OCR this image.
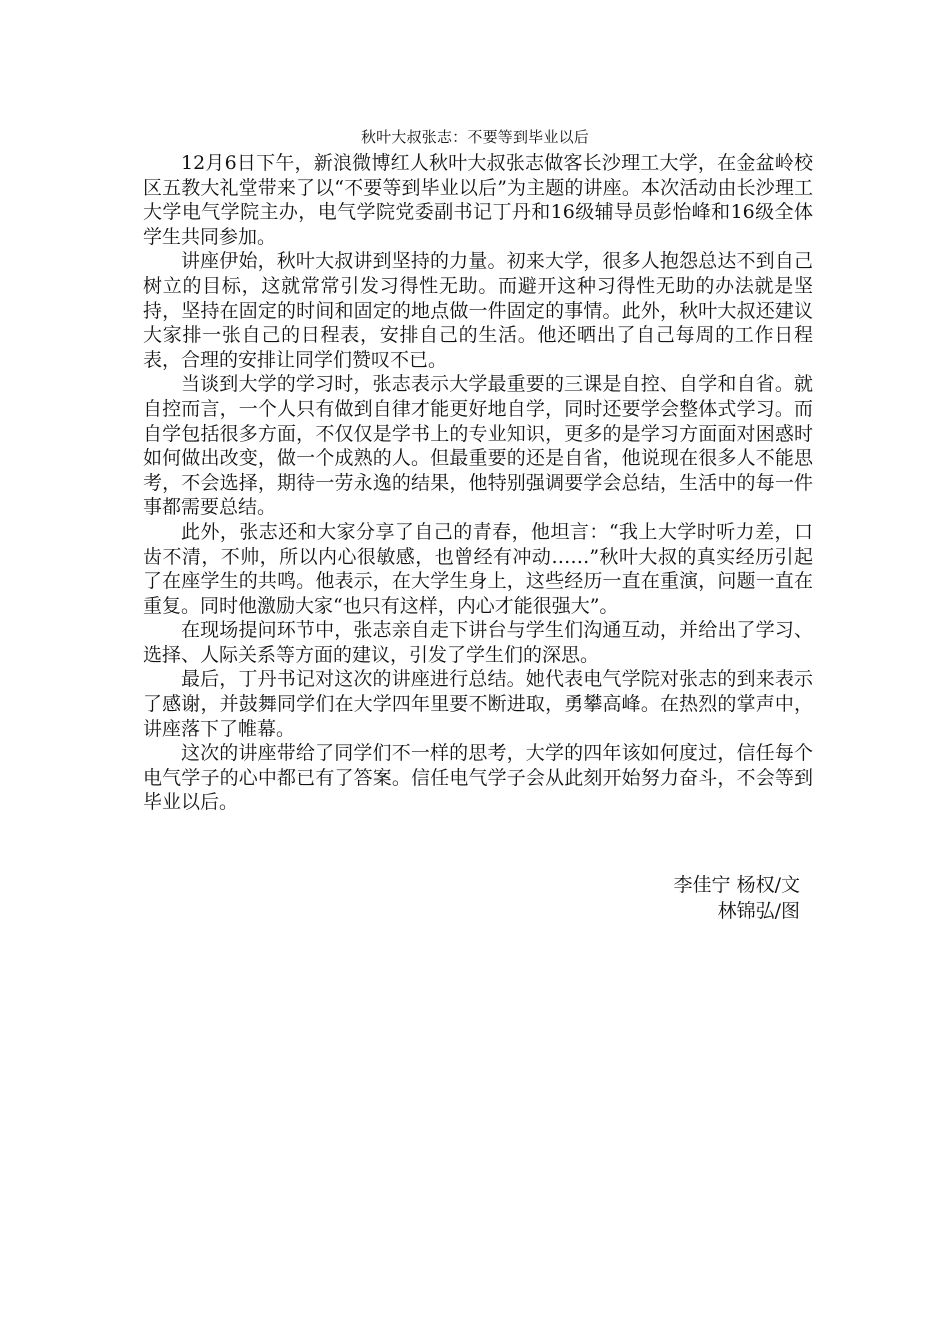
秋叶大叔张志：不要等到毕业以后

12月6日下午，新浪微博红人秋叶大叔张志做客长沙理工大学，在金盆岭校区五教大礼堂带来了以“不要等到毕业以后”为主题的讲座。本次活动由长沙理工大学电气学院主办，电气学院党委副书记丁丹和16级辅导员彭怡峰和16级全体学生共同参加。

讲座伊始，秋叶大叔讲到坚持的力量。初来大学，很多人抱怨总达不到自己树立的目标，这就常常引发习得性无助。而避开这种习得性无助的办法就是坚持，坚持在固定的时间和固定的地点做一件固定的事情。此外，秋叶大叔还建议大家排一张自己的日程表，安排自己的生活。他还晒出了自己每周的工作日程表，合理的安排让同学们赞叹不已。

当谈到大学的学习时，张志表示大学最重要的三课是自控、自学和自省。就自控而言，一个人只有做到自律才能更好地自学，同时还要学会整体式学习。而自学包括很多方面，不仅仅是学书上的专业知识，更多的是学习方面面对困惑时如何做出改变，做一个成熟的人。但最重要的还是自省，他说现在很多人不能思考，不会选择，期待一劳永逸的结果，他特别强调要学会总结，生活中的每一件事都需要总结。

此外，张志还和大家分享了自己的青春，他坦言：“我上大学时听力差，口齿不清，不帅，所以内心很敏感，也曾经有冲动……”秋叶大叔的真实经历引起了在座学生的共鸣。他表示，在大学生身上，这些经历一直在重演，问题一直在重复。同时他激励大家“也只有这样，内心才能很强大”。

在现场提问环节中，张志亲自走下讲台与学生们沟通互动，并给出了学习、选择、人际关系等方面的建议，引发了学生们的深思。

最后，丁丹书记对这次的讲座进行总结。她代表电气学院对张志的到来表示了感谢，并鼓舞同学们在大学四年里要不断进取，勇攀高峰。在热烈的掌声中，讲座落下了帷幕。

这次的讲座带给了同学们不一样的思考，大学的四年该如何度过，信任每个电气学子的心中都已有了答案。信任电气学子会从此刻开始努力奋斗，不会等到毕业以后。

李佳宁 杨权/文
林锦弘/图
